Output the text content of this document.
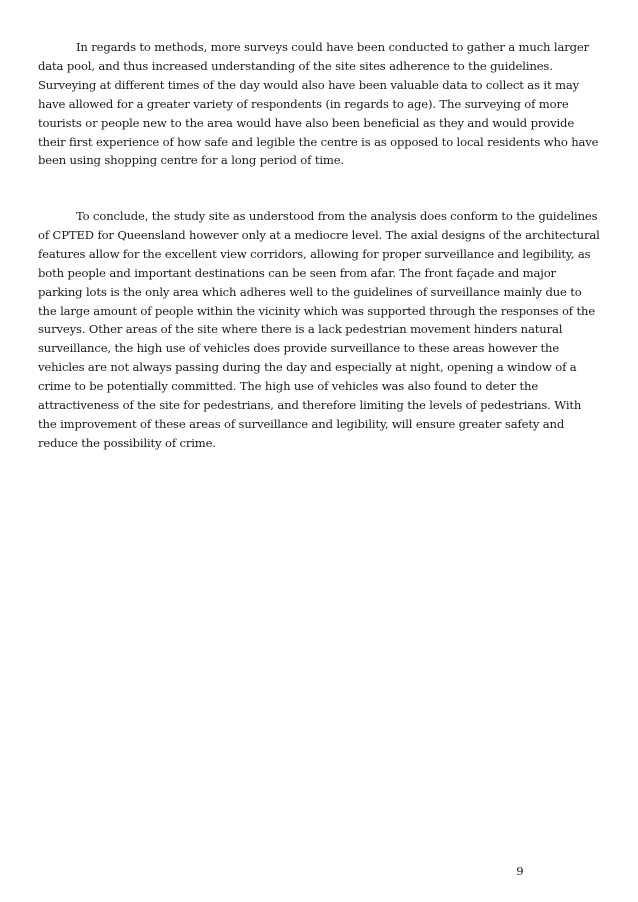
In regards to methods, more surveys could have been conducted to gather a much larger data pool, and thus increased understanding of the site sites adherence to the guidelines. Surveying at different times of the day would also have been valuable data to collect as it may have allowed for a greater variety of respondents (in regards to age). The surveying of more tourists or people new to the area would have also been beneficial as they and would provide their first experience of how safe and legible the centre is as opposed to local residents who have been using shopping centre for a long period of time.

To conclude, the study site as understood from the analysis does conform to the guidelines of CPTED for Queensland however only at a mediocre level. The axial designs of the architectural features allow for the excellent view corridors, allowing for proper surveillance and legibility, as both people and important destinations can be seen from afar. The front façade and major parking lots is the only area which adheres well to the guidelines of surveillance mainly due to the large amount of people within the vicinity which was supported through the responses of the surveys. Other areas of the site where there is a lack pedestrian movement hinders natural surveillance, the high use of vehicles does provide surveillance to these areas however the vehicles are not always passing during the day and especially at night, opening a window of a crime to be potentially committed. The high use of vehicles was also found to deter the attractiveness of the site for pedestrians, and therefore limiting the levels of pedestrians. With the improvement of these areas of surveillance and legibility, will ensure greater safety and reduce the possibility of crime.

9
